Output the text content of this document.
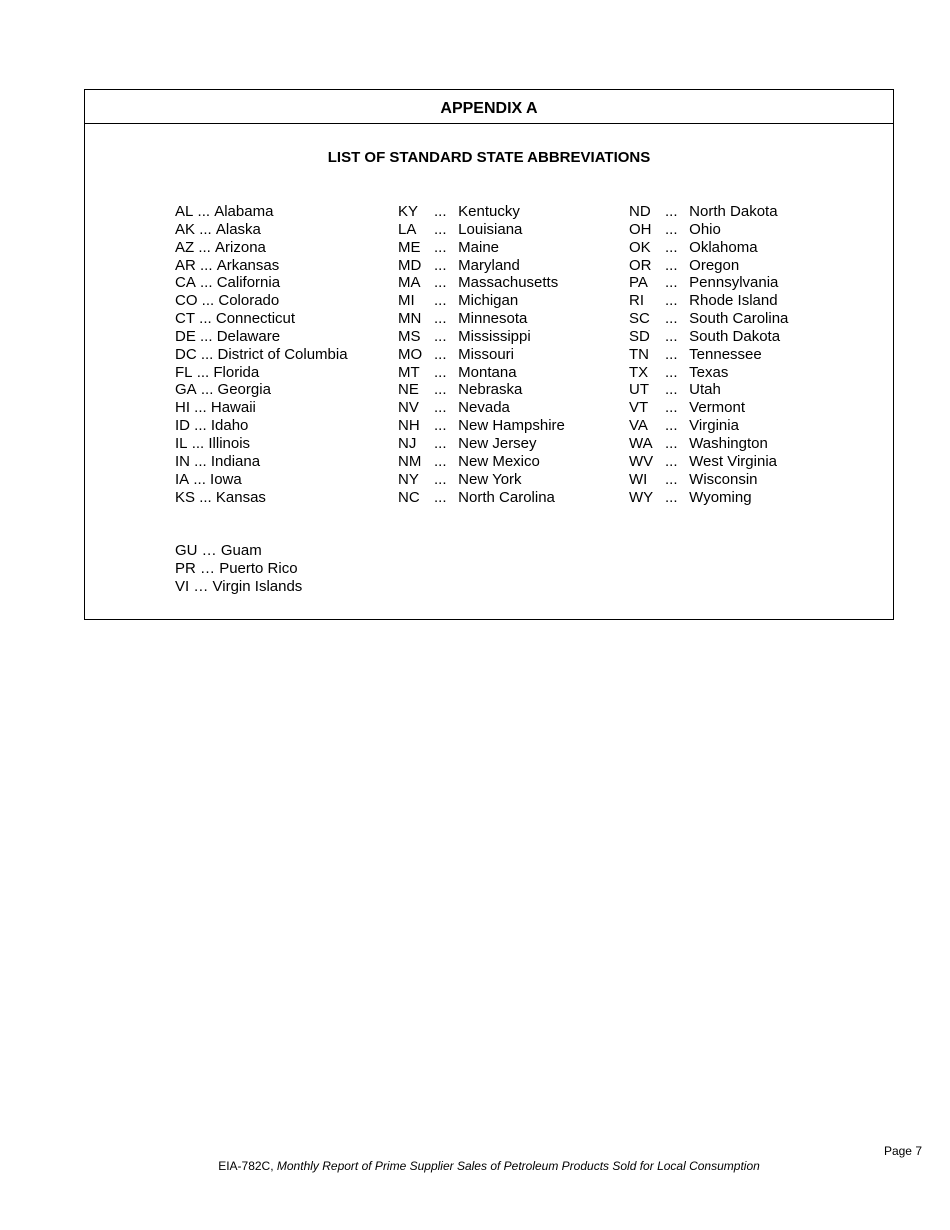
APPENDIX A
LIST OF STANDARD STATE ABBREVIATIONS
AL ... Alabama
AK ... Alaska
AZ ... Arizona
AR ... Arkansas
CA ... California
CO ... Colorado
CT ... Connecticut
DE ... Delaware
DC ... District of Columbia
FL ... Florida
GA ... Georgia
HI ... Hawaii
ID ... Idaho
IL ... Illinois
IN ... Indiana
IA ... Iowa
KS ... Kansas
KY ... Kentucky
LA ... Louisiana
ME ... Maine
MD ... Maryland
MA ... Massachusetts
MI ... Michigan
MN ... Minnesota
MS ... Mississippi
MO ... Missouri
MT ... Montana
NE ... Nebraska
NV ... Nevada
NH ... New Hampshire
NJ ... New Jersey
NM ... New Mexico
NY ... New York
NC ... North Carolina
ND ... North Dakota
OH ... Ohio
OK ... Oklahoma
OR ... Oregon
PA ... Pennsylvania
RI ... Rhode Island
SC ... South Carolina
SD ... South Dakota
TN ... Tennessee
TX ... Texas
UT ... Utah
VT ... Vermont
VA ... Virginia
WA ... Washington
WV ... West Virginia
WI ... Wisconsin
WY ... Wyoming
GU … Guam
PR … Puerto Rico
VI … Virgin Islands
Page 7
EIA-782C, Monthly Report of Prime Supplier Sales of Petroleum Products Sold for Local Consumption
